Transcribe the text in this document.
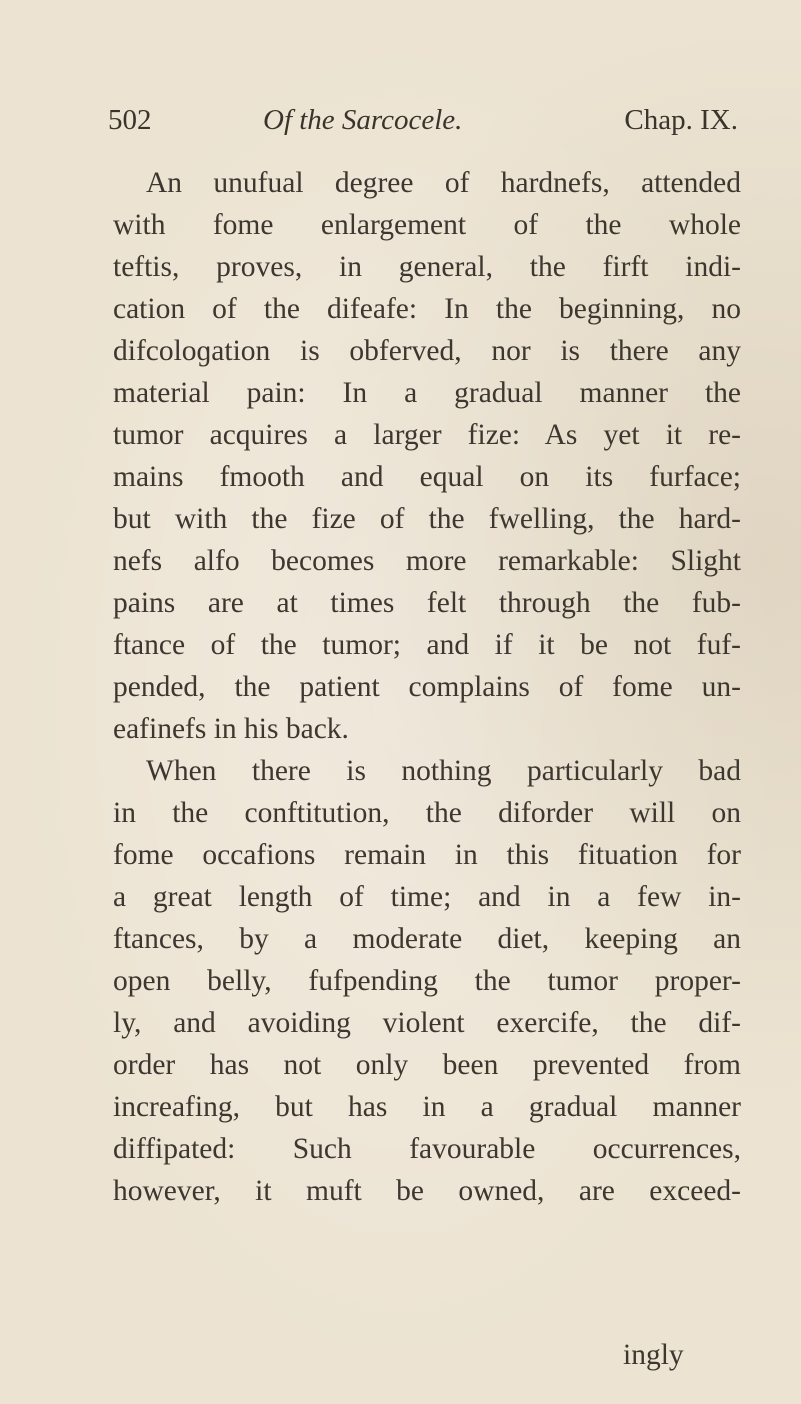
502	Of the Sarcocele.	Chap. IX.
An unufual degree of hardnefs, attended
with fome enlargement of the whole
teftis, proves, in general, the firft indi-
cation of the difeafe: In the beginning, no
difcoloɡation is obferved, nor is there any
material pain: In a gradual manner the
tumor acquires a larger fize: As yet it re-
mains fmooth and equal on its furface;
but with the fize of the fwelling, the hard-
nefs alfo becomes more remarkable: Slight
pains are at times felt through the fub-
ftance of the tumor; and if it be not fuf-
pended, the patient complains of fome un-
eafinefs in his back.
When there is nothing particularly bad
in the conftitution, the diforder will on
fome occafions remain in this fituation for
a great length of time; and in a few in-
ftances, by a moderate diet, keeping an
open belly, fufpending the tumor proper-
ly, and avoiding violent exercife, the dif-
order has not only been prevented from
increafing, but has in a gradual manner
diffipated: Such favourable occurrences,
however, it muft be owned, are exceed-
ingly
